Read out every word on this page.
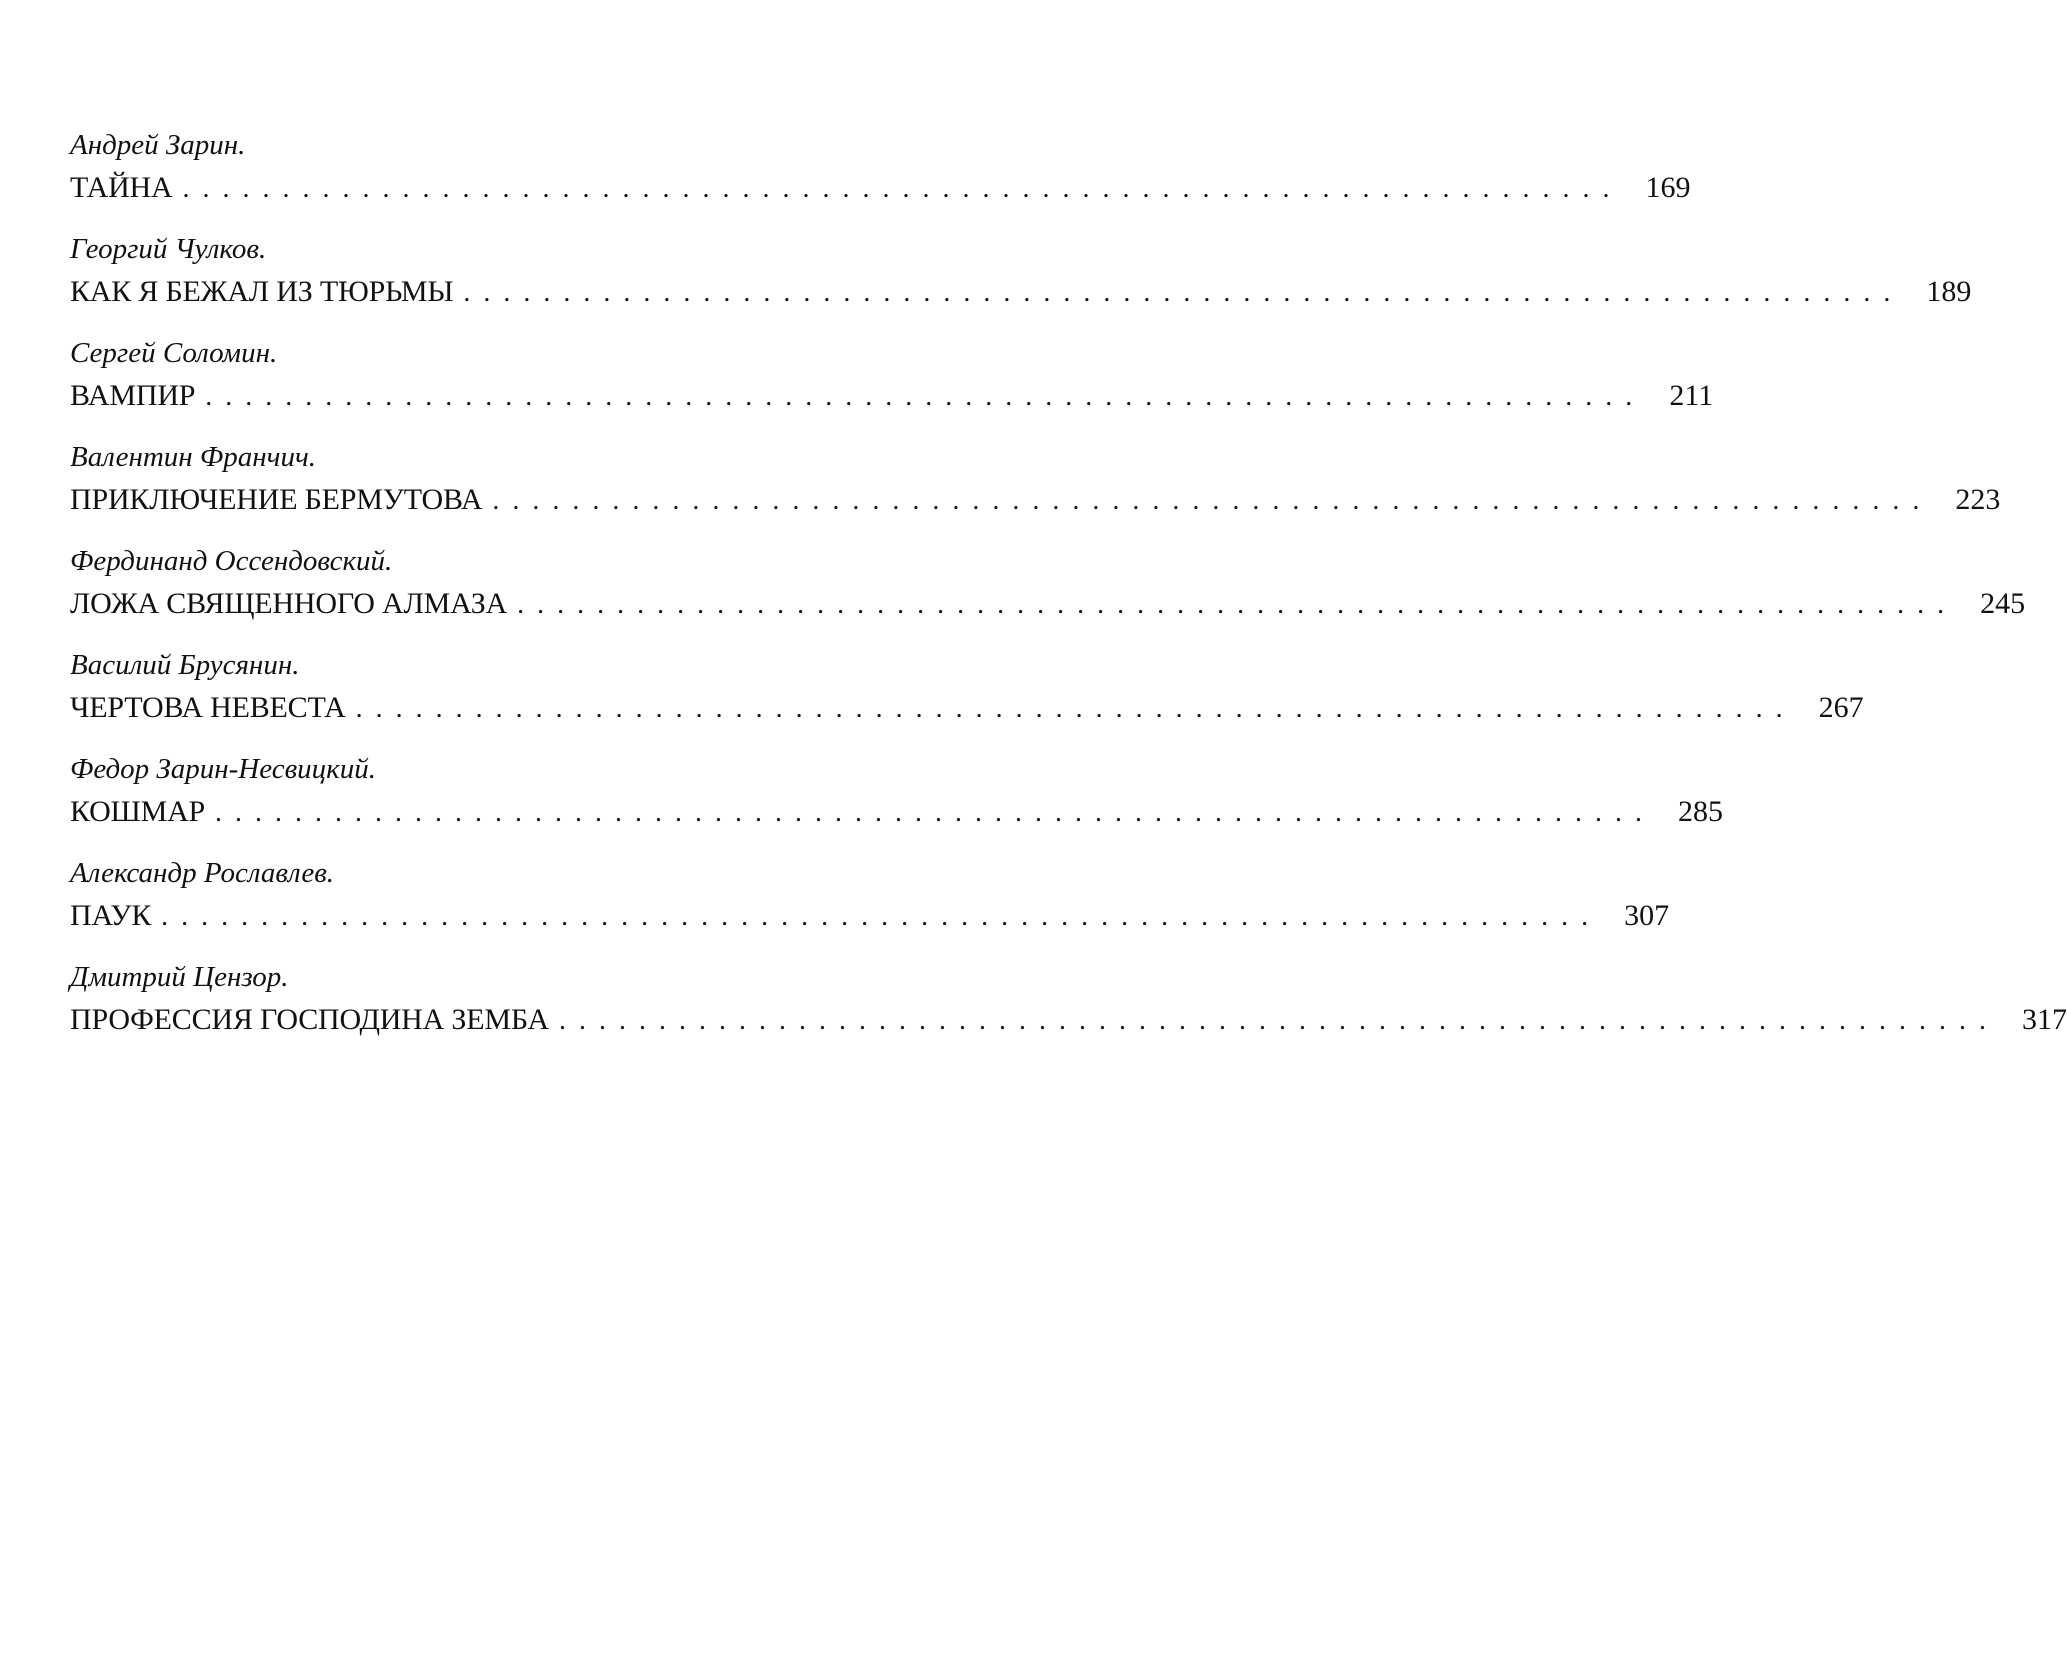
Андрей Зарин.
ТАЙНА ........................................................................ 169
Георгий Чулков.
КАК Я БЕЖАЛ ИЗ ТЮРЬМЫ ........................................................................ 189
Сергей Соломин.
ВАМПИР ........................................................................ 211
Валентин Франчич.
ПРИКЛЮЧЕНИЕ БЕРМУТОВА ........................................................................ 223
Фердинанд Оссендовский.
ЛОЖА СВЯЩЕННОГО АЛМАЗА ........................................................................ 245
Василий Брусянин.
ЧЕРТОВА НЕВЕСТА ........................................................................ 267
Федор Зарин-Несвицкий.
КОШМАР ........................................................................ 285
Александр Рославлев.
ПАУК ........................................................................ 307
Дмитрий Цензор.
ПРОФЕССИЯ ГОСПОДИНА ЗЕМБА ........................................................................ 317
